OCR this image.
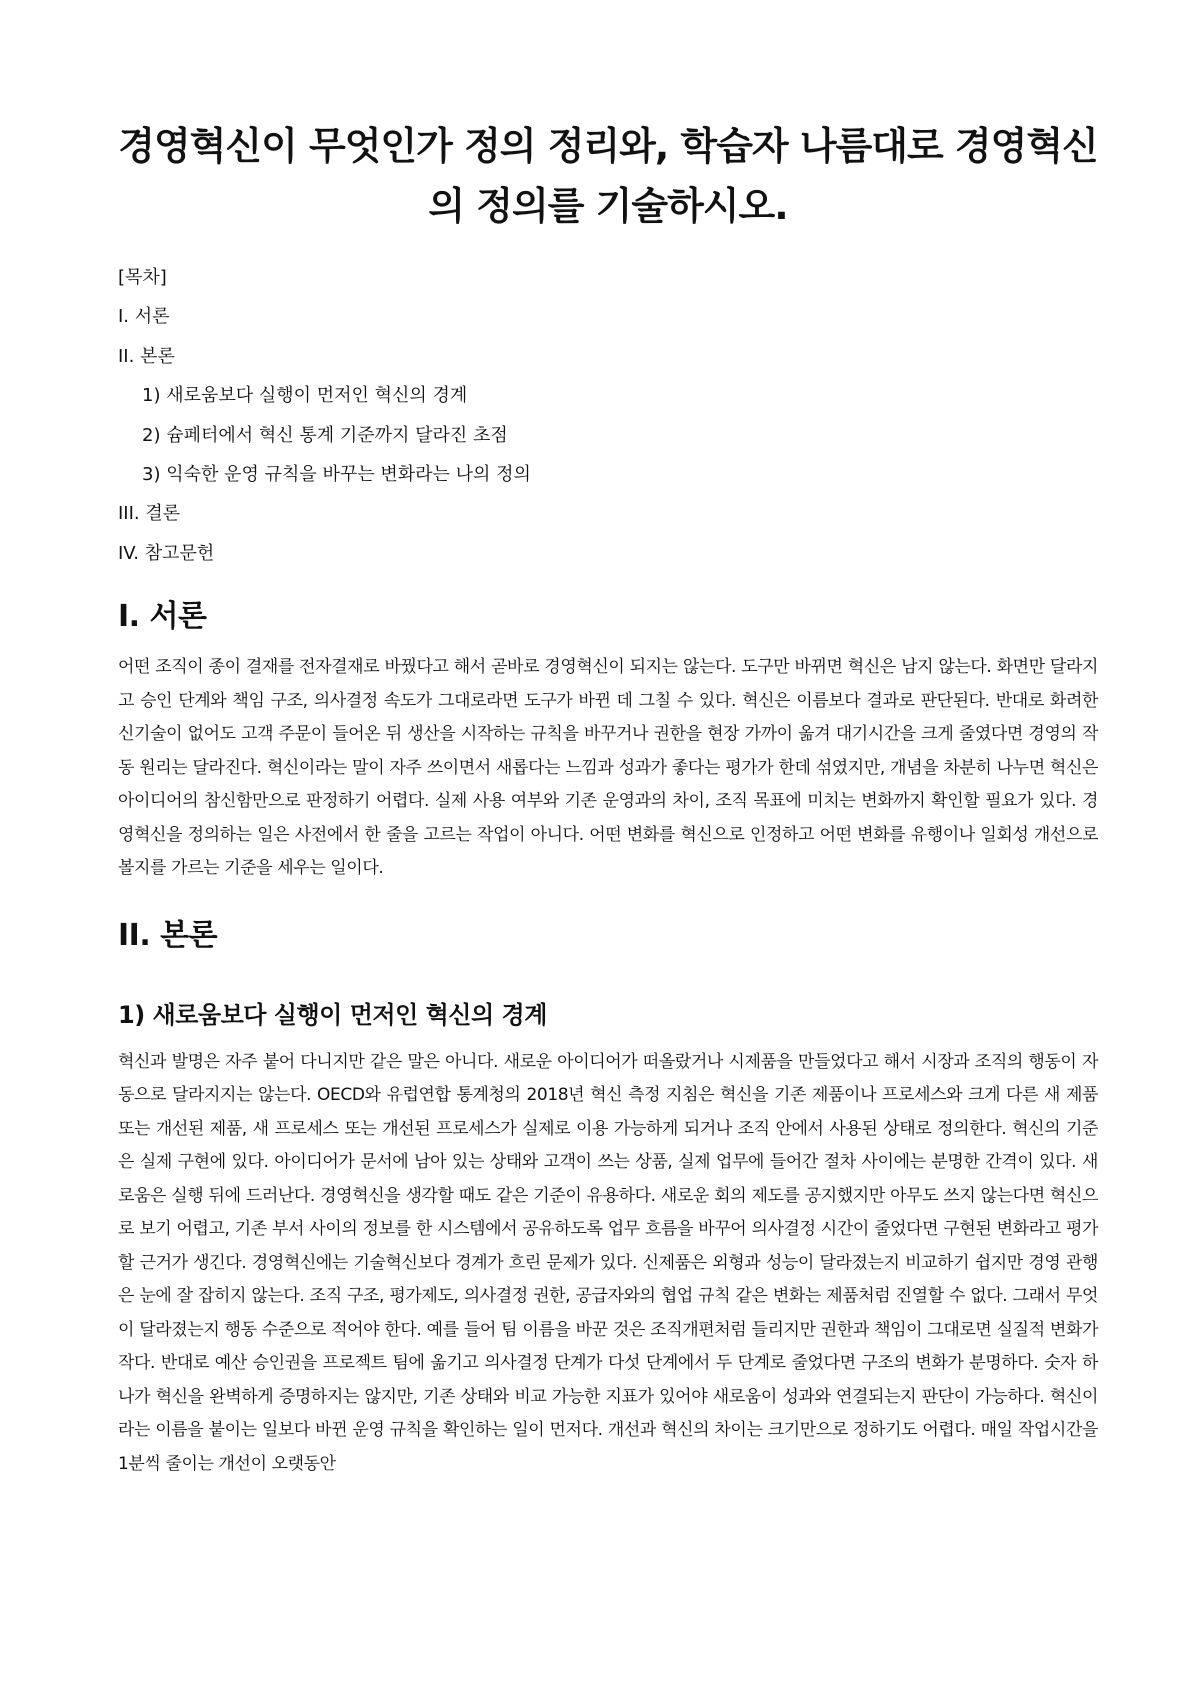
경영혁신이 무엇인가 정의 정리와, 학습자 나름대로 경영혁신의 정의를 기술하시오.
[목차]
I. 서론
II. 본론
1) 새로움보다 실행이 먼저인 혁신의 경계
2) 슘페터에서 혁신 통계 기준까지 달라진 초점
3) 익숙한 운영 규칙을 바꾸는 변화라는 나의 정의
III. 결론
IV. 참고문헌
I. 서론

어떤 조직이 종이 결재를 전자결재로 바꿨다고 해서 곧바로 경영혁신이 되지는 않는다. 도구만 바뀌면 혁신은 남지 않는다. 화면만 달라지고 승인 단계와 책임 구조, 의사결정 속도가 그대로라면 도구가 바뀐 데 그칠 수 있다. 혁신은 이름보다 결과로 판단된다. 반대로 화려한 신기술이 없어도 고객 주문이 들어온 뒤 생산을 시작하는 규칙을 바꾸거나 권한을 현장 가까이 옮겨 대기시간을 크게 줄였다면 경영의 작동 원리는 달라진다. 혁신이라는 말이 자주 쓰이면서 새롭다는 느낌과 성과가 좋다는 평가가 한데 섞였지만, 개념을 차분히 나누면 혁신은 아이디어의 참신함만으로 판정하기 어렵다. 실제 사용 여부와 기존 운영과의 차이, 조직 목표에 미치는 변화까지 확인할 필요가 있다. 경영혁신을 정의하는 일은 사전에서 한 줄을 고르는 작업이 아니다. 어떤 변화를 혁신으로 인정하고 어떤 변화를 유행이나 일회성 개선으로 볼지를 가르는 기준을 세우는 일이다.

II. 본론
1) 새로움보다 실행이 먼저인 혁신의 경계

혁신과 발명은 자주 붙어 다니지만 같은 말은 아니다. 새로운 아이디어가 떠올랐거나 시제품을 만들었다고 해서 시장과 조직의 행동이 자동으로 달라지지는 않는다. OECD와 유럽연합 통계청의 2018년 혁신 측정 지침은 혁신을 기존 제품이나 프로세스와 크게 다른 새 제품 또는 개선된 제품, 새 프로세스 또는 개선된 프로세스가 실제로 이용 가능하게 되거나 조직 안에서 사용된 상태로 정의한다. 혁신의 기준은 실제 구현에 있다. 아이디어가 문서에 남아 있는 상태와 고객이 쓰는 상품, 실제 업무에 들어간 절차 사이에는 분명한 간격이 있다. 새로움은 실행 뒤에 드러난다. 경영혁신을 생각할 때도 같은 기준이 유용하다. 새로운 회의 제도를 공지했지만 아무도 쓰지 않는다면 혁신으로 보기 어렵고, 기존 부서 사이의 정보를 한 시스템에서 공유하도록 업무 흐름을 바꾸어 의사결정 시간이 줄었다면 구현된 변화라고 평가할 근거가 생긴다. 경영혁신에는 기술혁신보다 경계가 흐린 문제가 있다. 신제품은 외형과 성능이 달라졌는지 비교하기 쉽지만 경영 관행은 눈에 잘 잡히지 않는다. 조직 구조, 평가제도, 의사결정 권한, 공급자와의 협업 규칙 같은 변화는 제품처럼 진열할 수 없다. 그래서 무엇이 달라졌는지 행동 수준으로 적어야 한다. 예를 들어 팀 이름을 바꾼 것은 조직개편처럼 들리지만 권한과 책임이 그대로면 실질적 변화가 작다. 반대로 예산 승인권을 프로젝트 팀에 옮기고 의사결정 단계가 다섯 단계에서 두 단계로 줄었다면 구조의 변화가 분명하다. 숫자 하나가 혁신을 완벽하게 증명하지는 않지만, 기존 상태와 비교 가능한 지표가 있어야 새로움이 성과와 연결되는지 판단이 가능하다. 혁신이라는 이름을 붙이는 일보다 바뀐 운영 규칙을 확인하는 일이 먼저다. 개선과 혁신의 차이는 크기만으로 정하기도 어렵다. 매일 작업시간을 1분씩 줄이는 개선이 오랫동안
